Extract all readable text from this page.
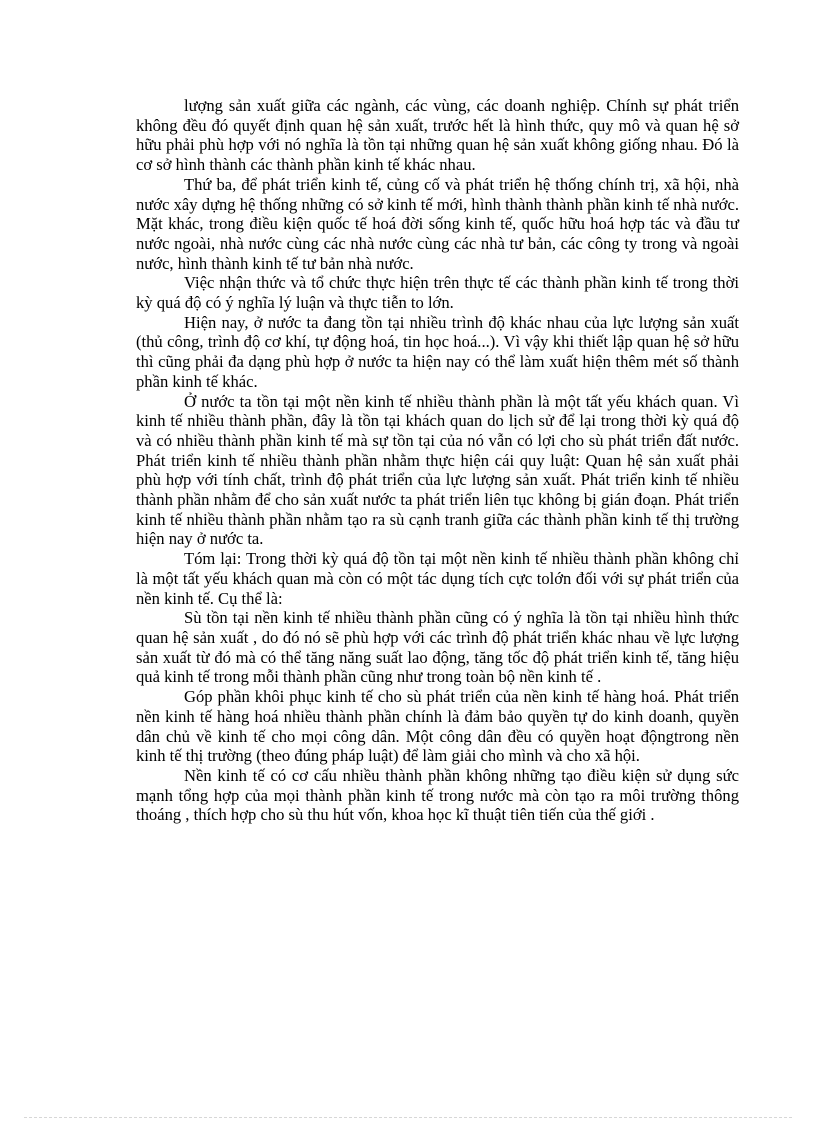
lượng sản xuất giữa các ngành, các vùng, các doanh nghiệp. Chính sự phát triển không đều đó quyết định quan hệ sản xuất, trước hết là hình thức, quy mô và quan hệ sở hữu phải phù hợp với nó nghĩa là tồn tại những quan hệ sản xuất không giống nhau. Đó là cơ sở hình thành các thành phần kinh tế khác nhau.

Thứ ba, để phát triển kinh tế, củng cố và phát triển hệ thống chính trị, xã hội, nhà nước xây dựng hệ thống những có sở kinh tế mới, hình thành thành phần kinh tế nhà nước. Mặt khác, trong điều kiện quốc tế hoá đời sống kinh tế, quốc hữu hoá hợp tác và đầu tư nước ngoài, nhà nước cùng các nhà nước cùng các nhà tư bản, các công ty trong và ngoài nước, hình thành kinh tế tư bản nhà nước.

Việc nhận thức và tổ chức thực hiện trên thực tế các thành phần kinh tế trong thời kỳ quá độ có ý nghĩa lý luận và thực tiễn to lớn.

Hiện nay, ở nước ta đang tồn tại nhiều trình độ khác nhau của lực lượng sản xuất (thủ công, trình độ cơ khí, tự động hoá, tin học hoá...). Vì vậy khi thiết lập quan hệ sở hữu thì cũng phải đa dạng phù hợp ở nước ta hiện nay có thể làm xuất hiện thêm mét số thành phần kinh tế khác.

Ở nước ta tồn tại một nền kinh tế nhiều thành phần là một tất yếu khách quan. Vì kinh tế nhiều thành phần, đây là tồn tại khách quan do lịch sử để lại trong thời kỳ quá độ và có nhiều thành phần kinh tế mà sự tồn tại của nó vẫn có lợi cho sù phát triển đất nước. Phát triển kinh tế nhiều thành phần nhằm thực hiện cái quy luật: Quan hệ sản xuất phải phù hợp với tính chất, trình độ phát triển của lực lượng sản xuất. Phát triển kinh tế nhiều thành phần nhằm để cho sản xuất nước ta phát triển liên tục không bị gián đoạn. Phát triển kinh tế nhiều thành phần nhằm tạo ra sù cạnh tranh giữa các thành phần kinh tế thị trường hiện nay ở nước ta.

Tóm lại: Trong thời kỳ quá độ tồn tại một nền kinh tế nhiều thành phần không chỉ là một tất yếu khách quan mà còn có một tác dụng tích cực tolớn đối với sự phát triển của nền kinh tế. Cụ thể là:

Sù tồn tại nền kinh tế nhiều thành phần cũng có ý nghĩa là tồn tại nhiều hình thức quan hệ sản xuất , do đó nó sẽ phù hợp với các trình độ phát triển khác nhau về lực lượng sản xuất từ đó mà có thể tăng năng suất lao động, tăng tốc độ phát triển kinh tế, tăng hiệu quả kinh tế trong mỗi thành phần cũng như trong toàn bộ nền kinh tế .

Góp phần khôi phục kinh tế cho sù phát triển của nền kinh tế hàng hoá. Phát triển nền kinh tế hàng hoá nhiều thành phần chính là đảm bảo quyền tự do kinh doanh, quyền dân chủ về kinh tế cho mọi công dân. Một công dân đều có quyền hoạt độngtrong nền kinh tế thị trường (theo đúng pháp luật) để làm giải cho mình và cho xã hội.

Nền kinh tế có cơ cấu nhiều thành phần không những tạo điều kiện sử dụng sức mạnh tổng hợp của mọi thành phần kinh tế trong nước mà còn tạo ra môi trường thông thoáng , thích hợp cho sù thu hút vốn, khoa học kĩ thuật tiên tiến của thế giới .
